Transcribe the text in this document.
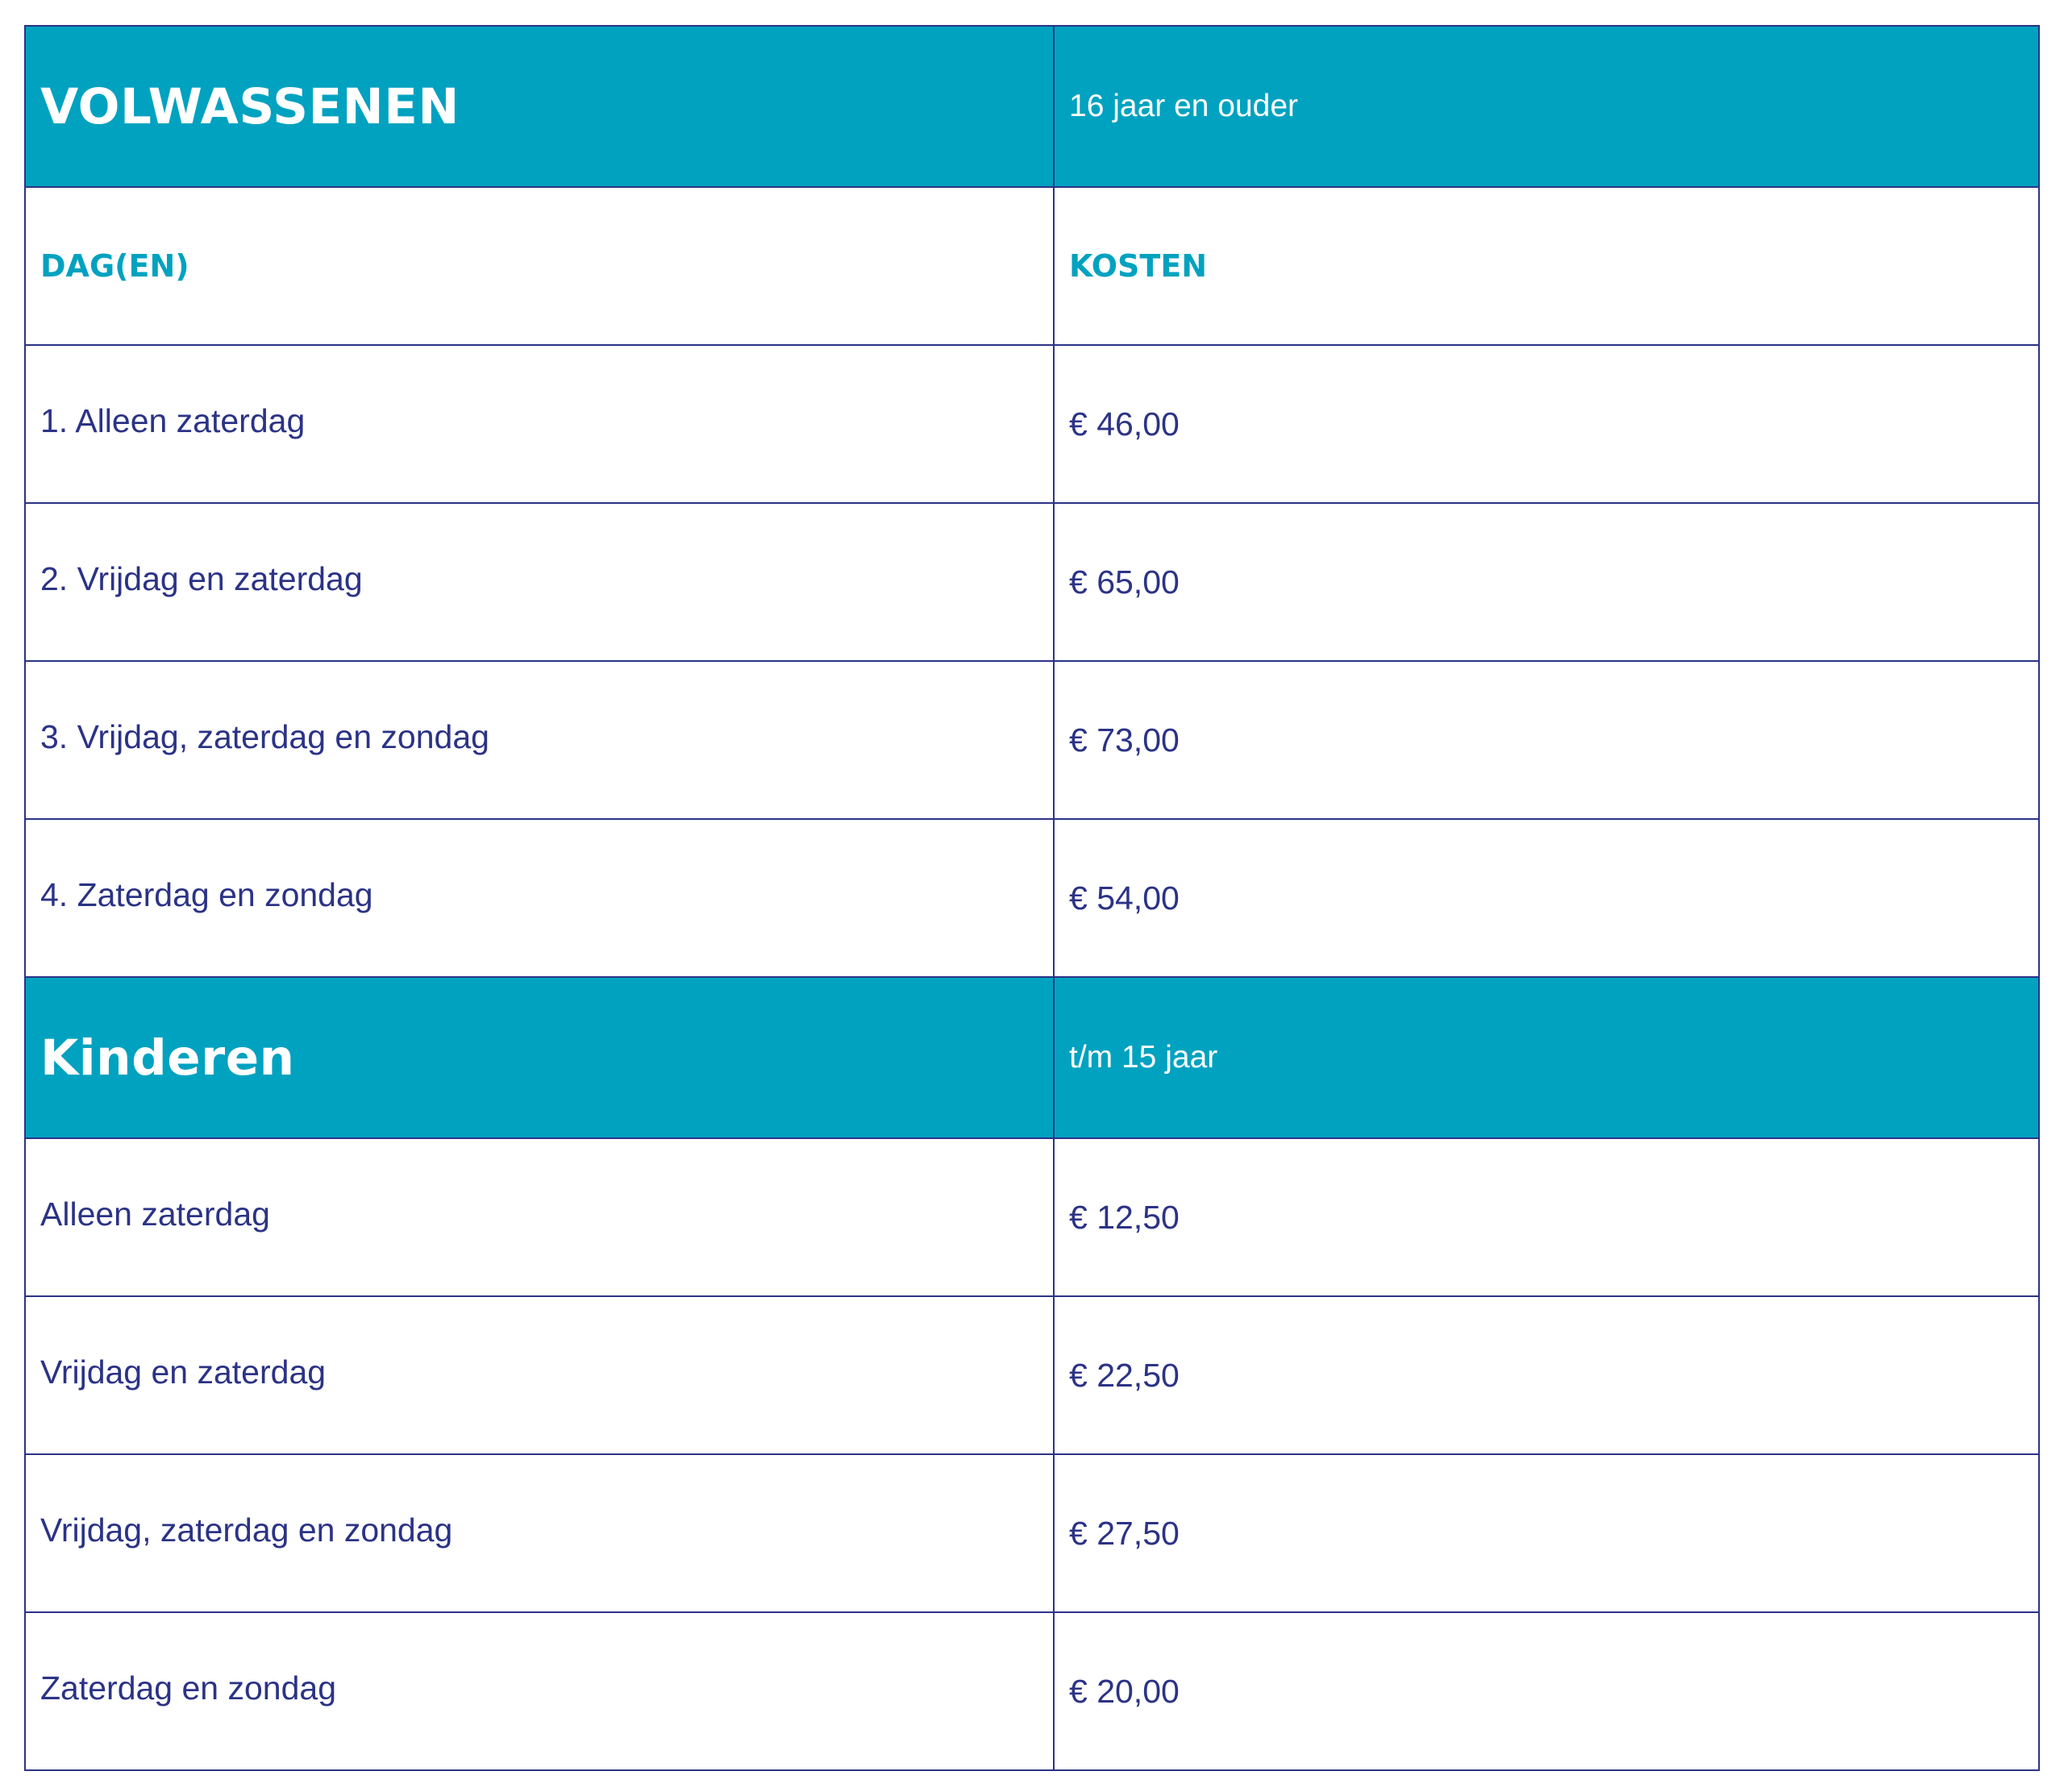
VOLWASSENEN	16 jaar en ouder
DAG(EN)	KOSTEN
1. Alleen zaterdag	€ 46,00
2. Vrijdag en zaterdag	€ 65,00
3. Vrijdag, zaterdag en zondag	€ 73,00
4. Zaterdag en zondag	€ 54,00
Kinderen	t/m 15 jaar
Alleen zaterdag	€ 12,50
Vrijdag en zaterdag	€ 22,50
Vrijdag, zaterdag en zondag	€ 27,50
Zaterdag en zondag	€ 20,00
